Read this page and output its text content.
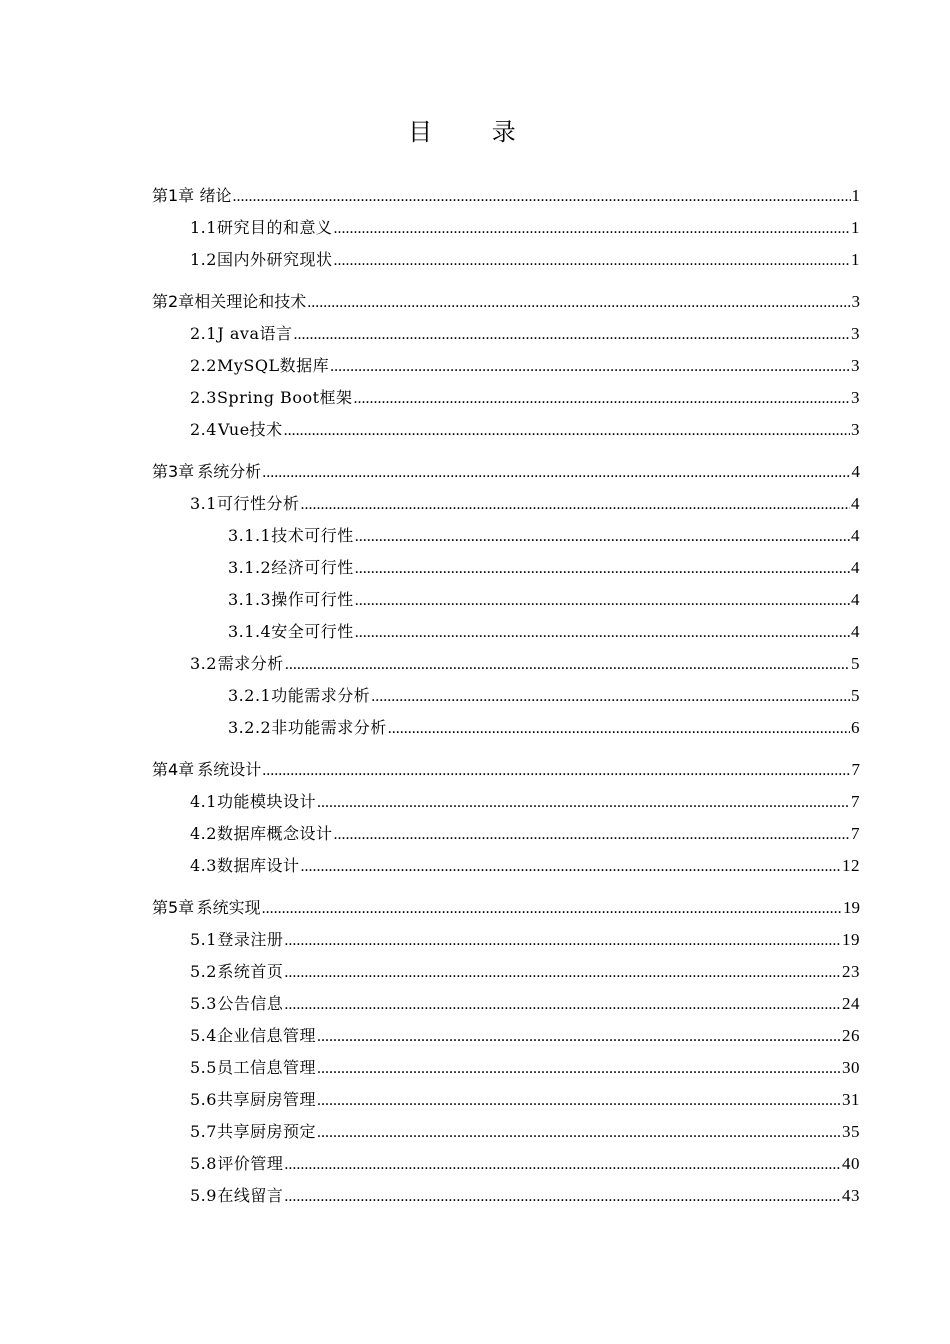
目 录
第1章 绪论 .....	1
1.1 研究目的和意义 .....	1
1.2 国内外研究现状 .....	1
第2章 相关理论和技术 .....	3
2.1 J ava语言 .....	3
2.2 MySQL数据库 .....	3
2.3 Spring Boot框架 .....	3
2.4 Vue技术 .....	3
第3章 系统分析 .....	4
3.1 可行性分析 .....	4
3.1.1 技术可行性 .....	4
3.1.2 经济可行性 .....	4
3.1.3 操作可行性 .....	4
3.1.4 安全可行性 .....	4
3.2 需求分析 .....	5
3.2.1 功能需求分析 .....	5
3.2.2 非功能需求分析 .....	6
第4章 系统设计 .....	7
4.1 功能模块设计 .....	7
4.2 数据库概念设计 .....	7
4.3 数据库设计 .....	12
第5章 系统实现 .....	19
5.1 登录注册 .....	19
5.2 系统首页 .....	23
5.3 公告信息 .....	24
5.4 企业信息管理 .....	26
5.5 员工信息管理 .....	30
5.6 共享厨房管理 .....	31
5.7 共享厨房预定 .....	35
5.8 评价管理 .....	40
5.9 在线留言 .....	43
